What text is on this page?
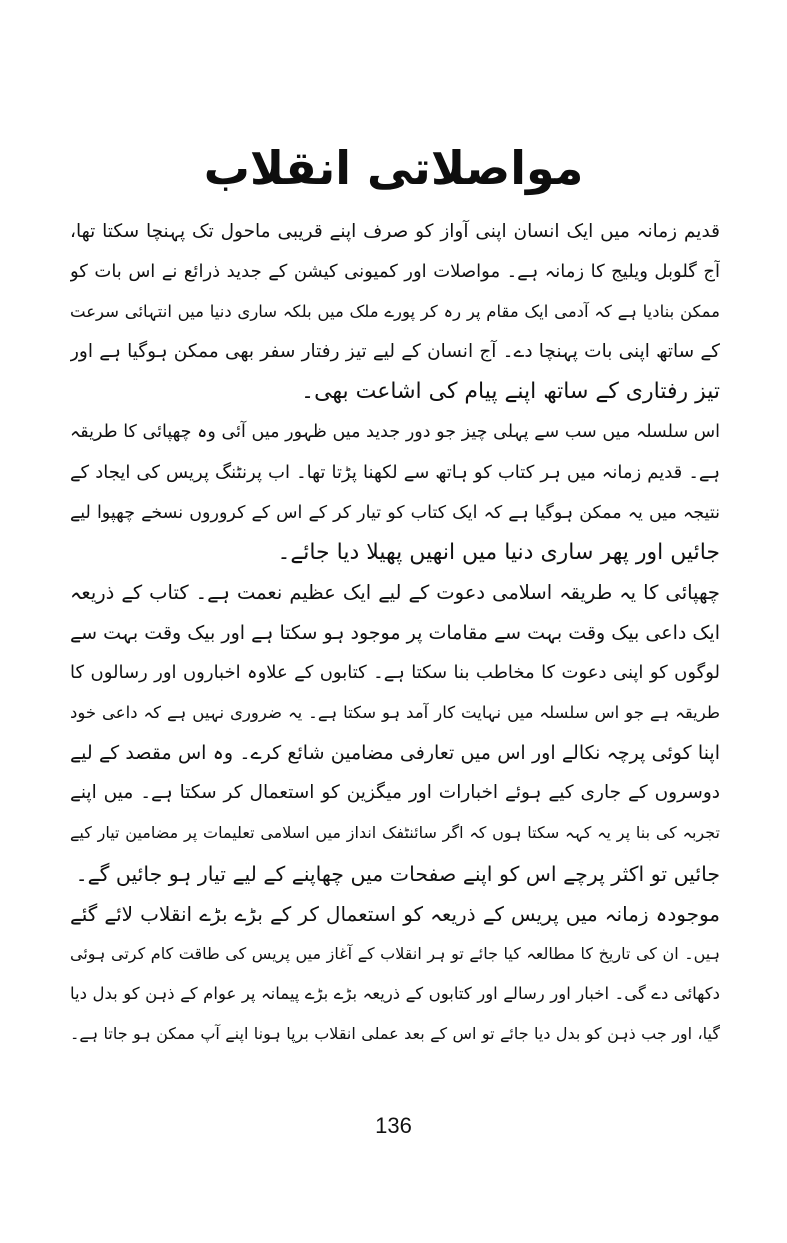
مواصلاتی انقلاب
قدیم زمانہ میں ایک انسان اپنی آواز کو صرف اپنے قریبی ماحول تک پہنچا سکتا تھا،
آج گلوبل ویلیج کا زمانہ ہے۔ مواصلات اور کمیونی کیشن کے جدید ذرائع نے اس بات کو
ممکن بنادیا ہے کہ آدمی ایک مقام پر رہ کر پورے ملک میں بلکہ ساری دنیا میں انتہائی سرعت
کے ساتھ اپنی بات پہنچا دے۔ آج انسان کے لیے تیز رفتار سفر بھی ممکن ہوگیا ہے اور
تیز رفتاری کے ساتھ اپنے پیام کی اشاعت بھی۔
اس سلسلہ میں سب سے پہلی چیز جو دور جدید میں ظہور میں آئی وہ چھپائی کا طریقہ
ہے۔ قدیم زمانہ میں ہر کتاب کو ہاتھ سے لکھنا پڑتا تھا۔ اب پرنٹنگ پریس کی ایجاد کے
نتیجہ میں یہ ممکن ہوگیا ہے کہ ایک کتاب کو تیار کر کے اس کے کروروں نسخے چھپوا لیے
جائیں اور پھر ساری دنیا میں انھیں پھیلا دیا جائے۔
چھپائی کا یہ طریقہ اسلامی دعوت کے لیے ایک عظیم نعمت ہے۔ کتاب کے ذریعہ
ایک داعی بیک وقت بہت سے مقامات پر موجود ہو سکتا ہے اور بیک وقت بہت سے
لوگوں کو اپنی دعوت کا مخاطب بنا سکتا ہے۔ کتابوں کے علاوہ اخباروں اور رسالوں کا
طریقہ ہے جو اس سلسلہ میں نہایت کار آمد ہو سکتا ہے۔ یہ ضروری نہیں ہے کہ داعی خود
اپنا کوئی پرچہ نکالے اور اس میں تعارفی مضامین شائع کرے۔ وہ اس مقصد کے لیے
دوسروں کے جاری کیے ہوئے اخبارات اور میگزین کو استعمال کر سکتا ہے۔ میں اپنے
تجربہ کی بنا پر یہ کہہ سکتا ہوں کہ اگر سائنٹفک انداز میں اسلامی تعلیمات پر مضامین تیار کیے
جائیں تو اکثر پرچے اس کو اپنے صفحات میں چھاپنے کے لیے تیار ہو جائیں گے۔
موجودہ زمانہ میں پریس کے ذریعہ کو استعمال کر کے بڑے بڑے انقلاب لائے گئے
ہیں۔ ان کی تاریخ کا مطالعہ کیا جائے تو ہر انقلاب کے آغاز میں پریس کی طاقت کام کرتی ہوئی
دکھائی دے گی۔ اخبار اور رسالے اور کتابوں کے ذریعہ بڑے بڑے پیمانہ پر عوام کے ذہن کو بدل دیا
گیا، اور جب ذہن کو بدل دیا جائے تو اس کے بعد عملی انقلاب برپا ہونا اپنے آپ ممکن ہو جاتا ہے۔
136
